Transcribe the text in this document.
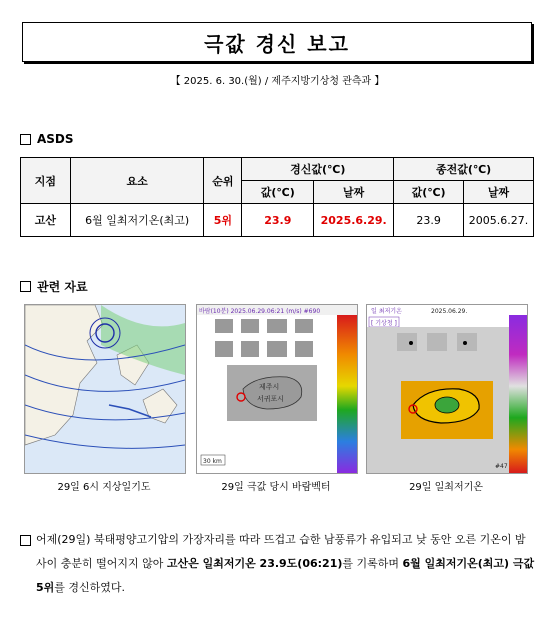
극값 경신 보고
【 2025. 6. 30.(월) / 제주지방기상청 관측과 】
ASDS
지점	요소	순위	경신값(℃)		종전값(℃)	
			값(℃)	날짜	값(℃)	날짜
고산	6월 일최저기온(최고)	5위	23.9	2025.6.29.	23.9	2005.6.27.
관련 자료
29일 6시 지상일기도
바람(10분) 2025.06.29.06:21 (m/s) #690
제주시
서귀포시
30 km
29일 극값 당시 바람벡터
일 최저기온	2025.06.29.
[ 기상청 ]
#47
29일 일최저기온
어제(29일) 북태평양고기압의 가장자리를 따라 뜨겁고 습한 남풍류가 유입되고 낮 동안 오른 기온이 밤사이 충분히 떨어지지 않아 고산은 일최저기온 23.9도(06:21)를 기록하며 6월 일최저기온(최고) 극값 5위를 경신하였다.
